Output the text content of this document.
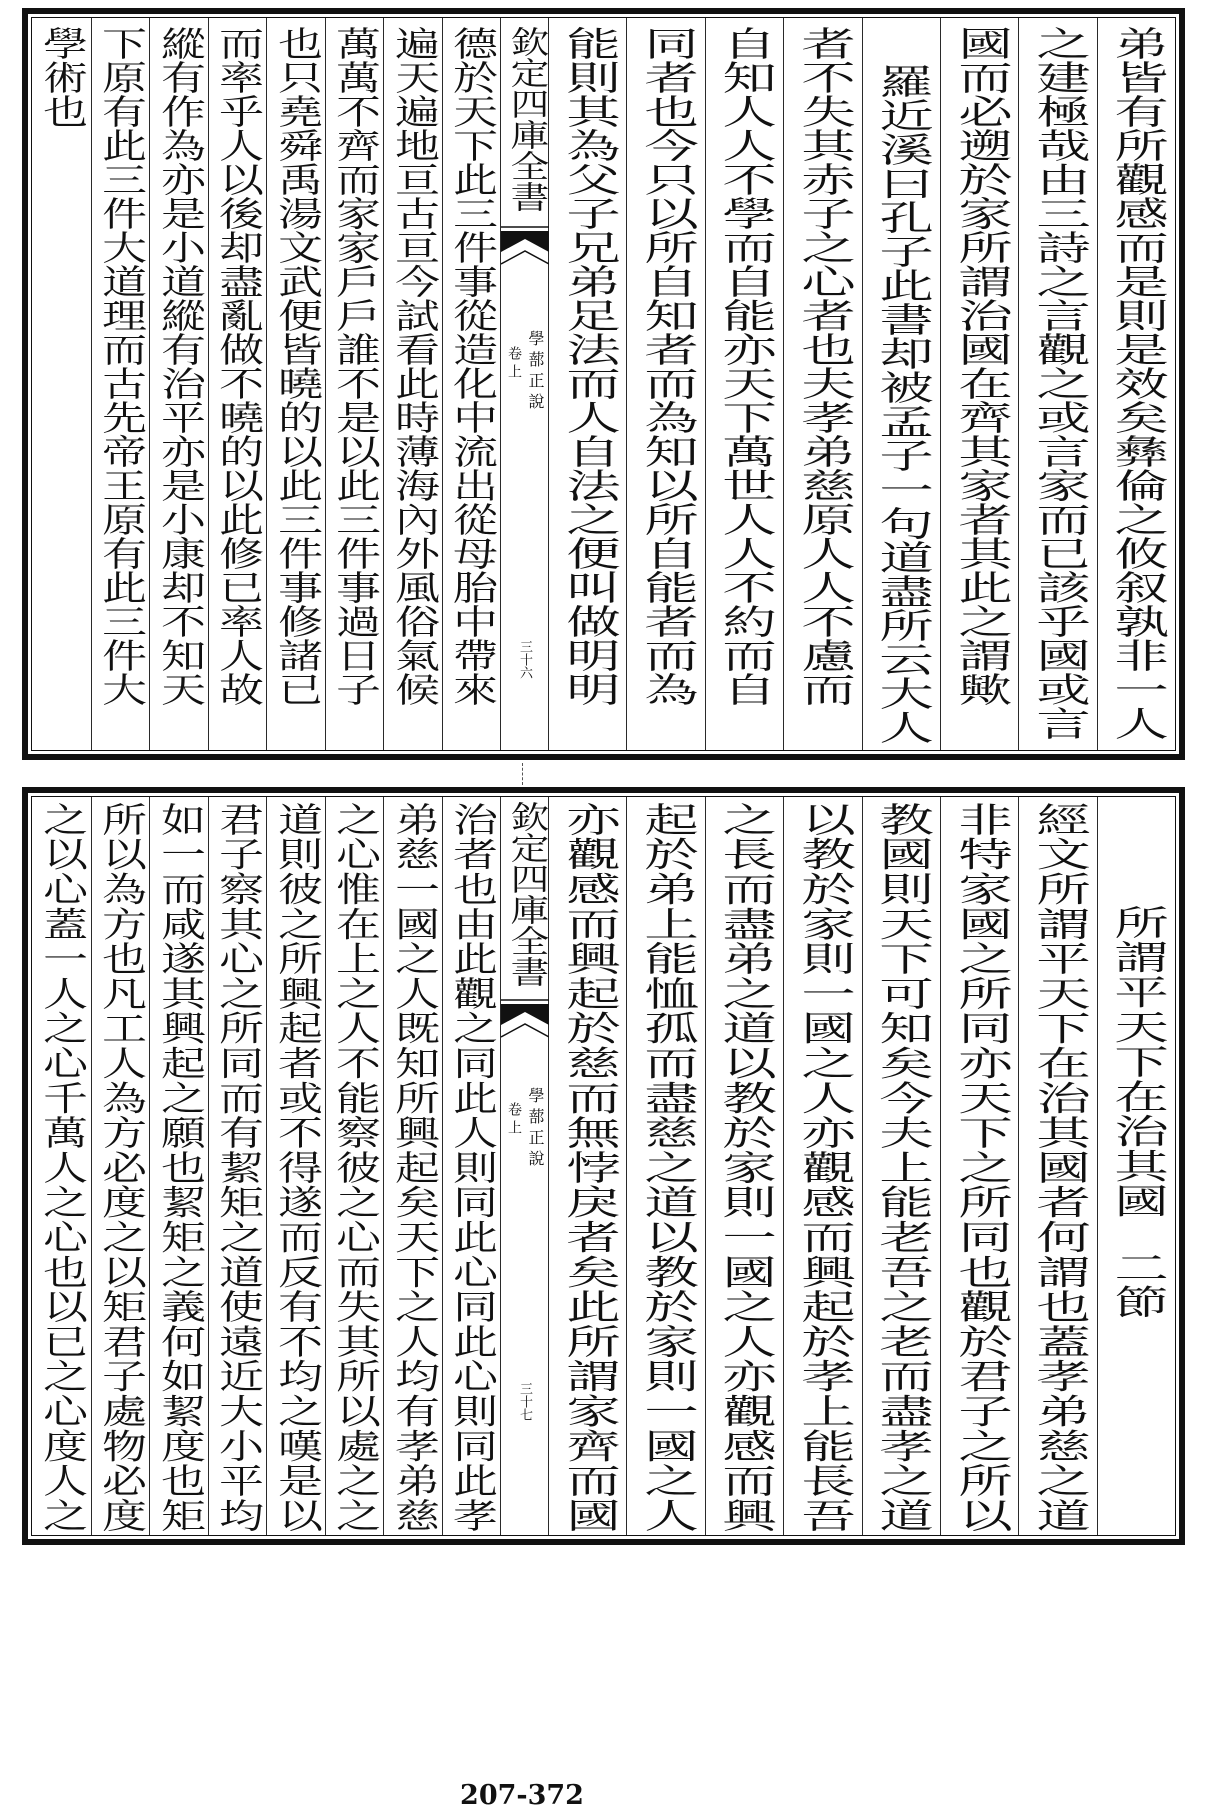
弟皆有所觀感而是則是效矣彝倫之攸叙孰非一人
之建極哉由三詩之言觀之或言家而已該乎國或言
國而必遡於家所謂治國在齊其家者其此之謂歟
羅近溪曰孔子此書却被孟子一句道盡所云大人
者不失其赤子之心者也夫孝弟慈原人人不慮而
自知人人不學而自能亦天下萬世人人不約而自
同者也今只以所自知者而為知以所自能者而為
能則其為父子兄弟足法而人自法之便叫做明明
欽定四庫全書
學蔀正說
卷上
三十六
德於天下此三件事從造化中流出從母胎中帶來
遍天遍地亘古亘今試看此時薄海內外風俗氣候
萬萬不齊而家家戶戶誰不是以此三件事過日子
也只堯舜禹湯文武便皆曉的以此三件事修諸已
而率乎人以後却盡亂做不曉的以此修已率人故
縱有作為亦是小道縱有治平亦是小康却不知天
下原有此三件大道理而古先帝王原有此三件大
學術也
所謂平天下在治其國
二節
經文所謂平天下在治其國者何謂也蓋孝弟慈之道
非特家國之所同亦天下之所同也觀於君子之所以
教國則天下可知矣今夫上能老吾之老而盡孝之道
以教於家則一國之人亦觀感而興起於孝上能長吾
之長而盡弟之道以教於家則一國之人亦觀感而興
起於弟上能恤孤而盡慈之道以教於家則一國之人
亦觀感而興起於慈而無悖戾者矣此所謂家齊而國
欽定四庫全書
學蔀正說
卷上
三十七
治者也由此觀之同此人則同此心同此心則同此孝
弟慈一國之人既知所興起矣天下之人均有孝弟慈
之心惟在上之人不能察彼之心而失其所以處之之
道則彼之所興起者或不得遂而反有不均之嘆是以
君子察其心之所同而有絜矩之道使遠近大小平均
如一而咸遂其興起之願也絜矩之義何如絜度也矩
所以為方也凡工人為方必度之以矩君子處物必度
之以心蓋一人之心千萬人之心也以已之心度人之
207-372
